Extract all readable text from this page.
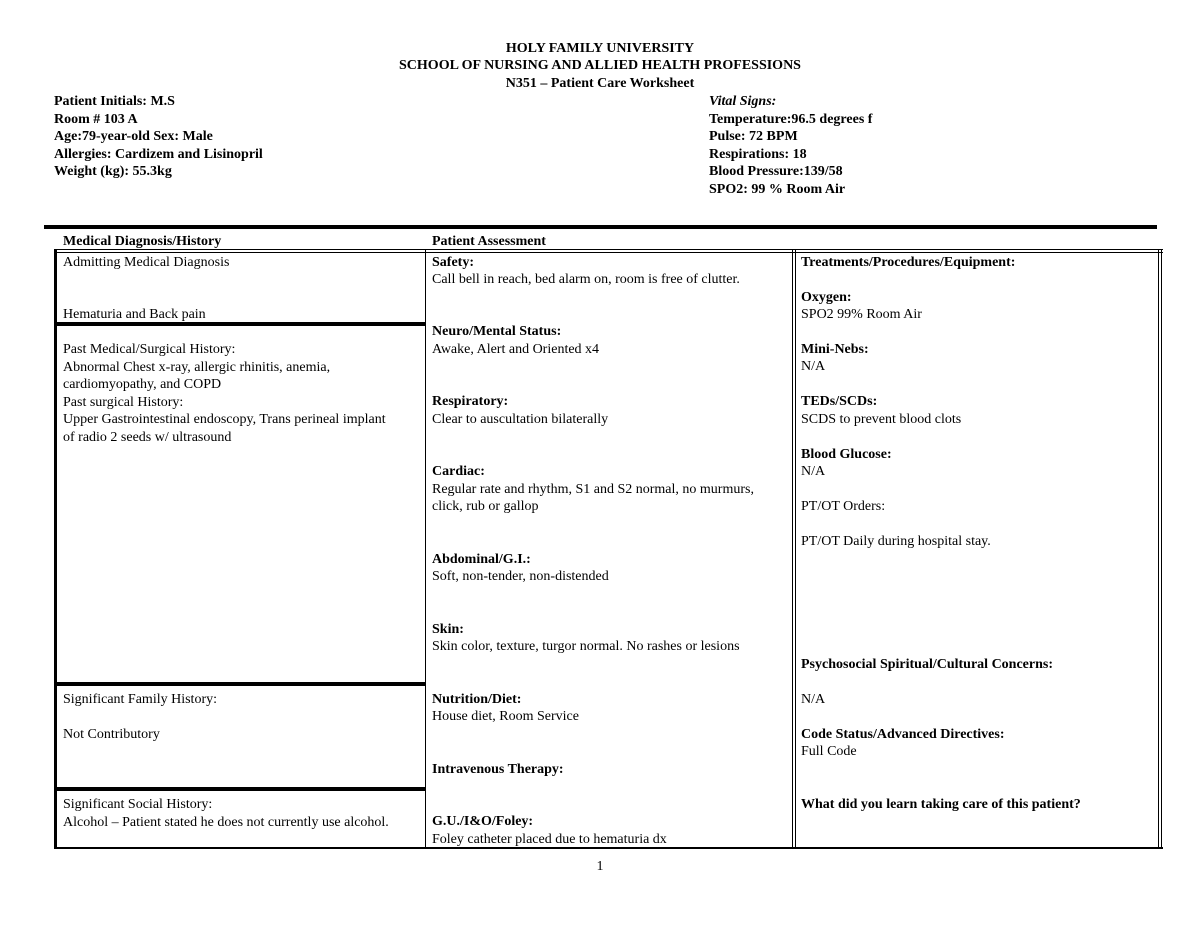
HOLY FAMILY UNIVERSITY
SCHOOL OF NURSING AND ALLIED HEALTH PROFESSIONS
N351 – Patient Care Worksheet
Patient Initials: M.S
Room # 103 A
Age:79-year-old Sex: Male
Allergies: Cardizem and Lisinopril
Weight (kg): 55.3kg
Vital Signs:
Temperature:96.5 degrees f
Pulse: 72 BPM
Respirations: 18
Blood Pressure:139/58
SPO2: 99 % Room Air
Medical Diagnosis/History	Patient Assessment
Admitting Medical Diagnosis
Hematuria and Back pain
Past Medical/Surgical History:
Abnormal Chest x-ray, allergic rhinitis, anemia,
cardiomyopathy, and COPD
Past surgical History:
Upper Gastrointestinal endoscopy, Trans perineal implant
of radio 2 seeds w/ ultrasound
Significant Family History:
Not Contributory
Significant Social History:
Alcohol – Patient stated he does not currently use alcohol.
Safety:
Call bell in reach, bed alarm on, room is free of clutter.
Neuro/Mental Status:
Awake, Alert and Oriented x4
Respiratory:
Clear to auscultation bilaterally
Cardiac:
Regular rate and rhythm, S1 and S2 normal, no murmurs,
click, rub or gallop
Abdominal/G.I.:
Soft, non-tender, non-distended
Skin:
Skin color, texture, turgor normal. No rashes or lesions
Nutrition/Diet:
House diet, Room Service
Intravenous Therapy:
G.U./I&O/Foley:
Foley catheter placed due to hematuria dx
Treatments/Procedures/Equipment:
Oxygen:
SPO2 99% Room Air
Mini-Nebs:
N/A
TEDs/SCDs:
SCDS to prevent blood clots
Blood Glucose:
N/A
PT/OT Orders:
PT/OT Daily during hospital stay.
Psychosocial Spiritual/Cultural Concerns:
N/A
Code Status/Advanced Directives:
Full Code
What did you learn taking care of this patient?
1
